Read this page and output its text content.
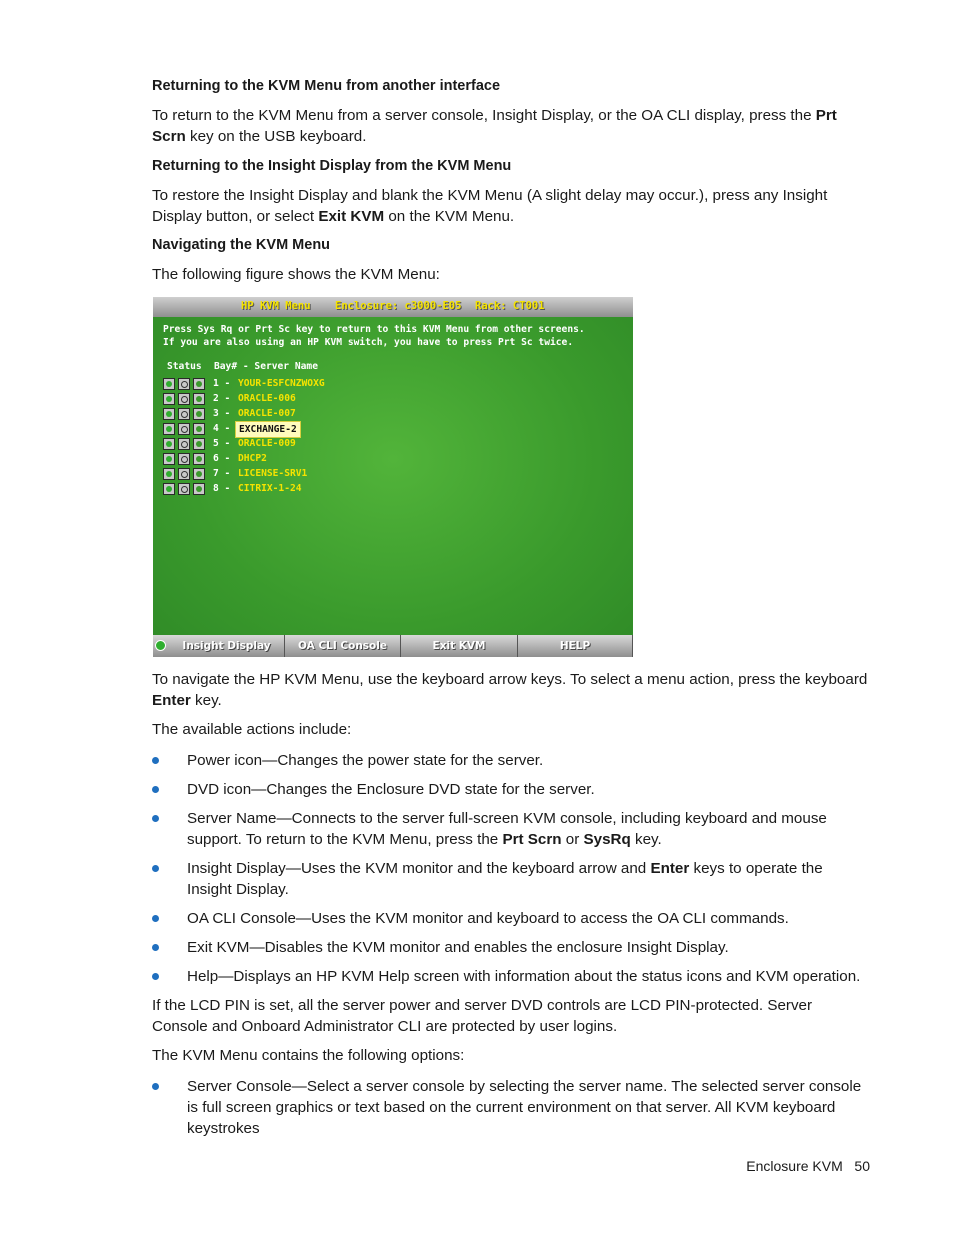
Returning to the KVM Menu from another interface
To return to the KVM Menu from a server console, Insight Display, or the OA CLI display, press the Prt Scrn key on the USB keyboard.
Returning to the Insight Display from the KVM Menu
To restore the Insight Display and blank the KVM Menu (A slight delay may occur.), press any Insight Display button, or select Exit KVM on the KVM Menu.
Navigating the KVM Menu
The following figure shows the KVM Menu:
HP KVM Menu Enclosure: c3000-E05 Rack: CT001
Press Sys Rq or Prt Sc key to return to this KVM Menu from other screens.
If you are also using an HP KVM switch, you have to press Prt Sc twice.
Status Bay# - Server Name
1 - YOUR-ESFCNZWOXG
2 - ORACLE-006
3 - ORACLE-007
4 - EXCHANGE-2
5 - ORACLE-009
6 - DHCP2
7 - LICENSE-SRV1
8 - CITRIX-1-24
Insight Display	OA CLI Console	Exit KVM	HELP
To navigate the HP KVM Menu, use the keyboard arrow keys. To select a menu action, press the keyboard Enter key.
The available actions include:
Power icon—Changes the power state for the server.
DVD icon—Changes the Enclosure DVD state for the server.
Server Name—Connects to the server full-screen KVM console, including keyboard and mouse support. To return to the KVM Menu, press the Prt Scrn or SysRq key.
Insight Display—Uses the KVM monitor and the keyboard arrow and Enter keys to operate the Insight Display.
OA CLI Console—Uses the KVM monitor and keyboard to access the OA CLI commands.
Exit KVM—Disables the KVM monitor and enables the enclosure Insight Display.
Help—Displays an HP KVM Help screen with information about the status icons and KVM operation.
If the LCD PIN is set, all the server power and server DVD controls are LCD PIN-protected. Server Console and Onboard Administrator CLI are protected by user logins.
The KVM Menu contains the following options:
Server Console—Select a server console by selecting the server name. The selected server console is full screen graphics or text based on the current environment on that server. All KVM keyboard keystrokes
Enclosure KVM 50
